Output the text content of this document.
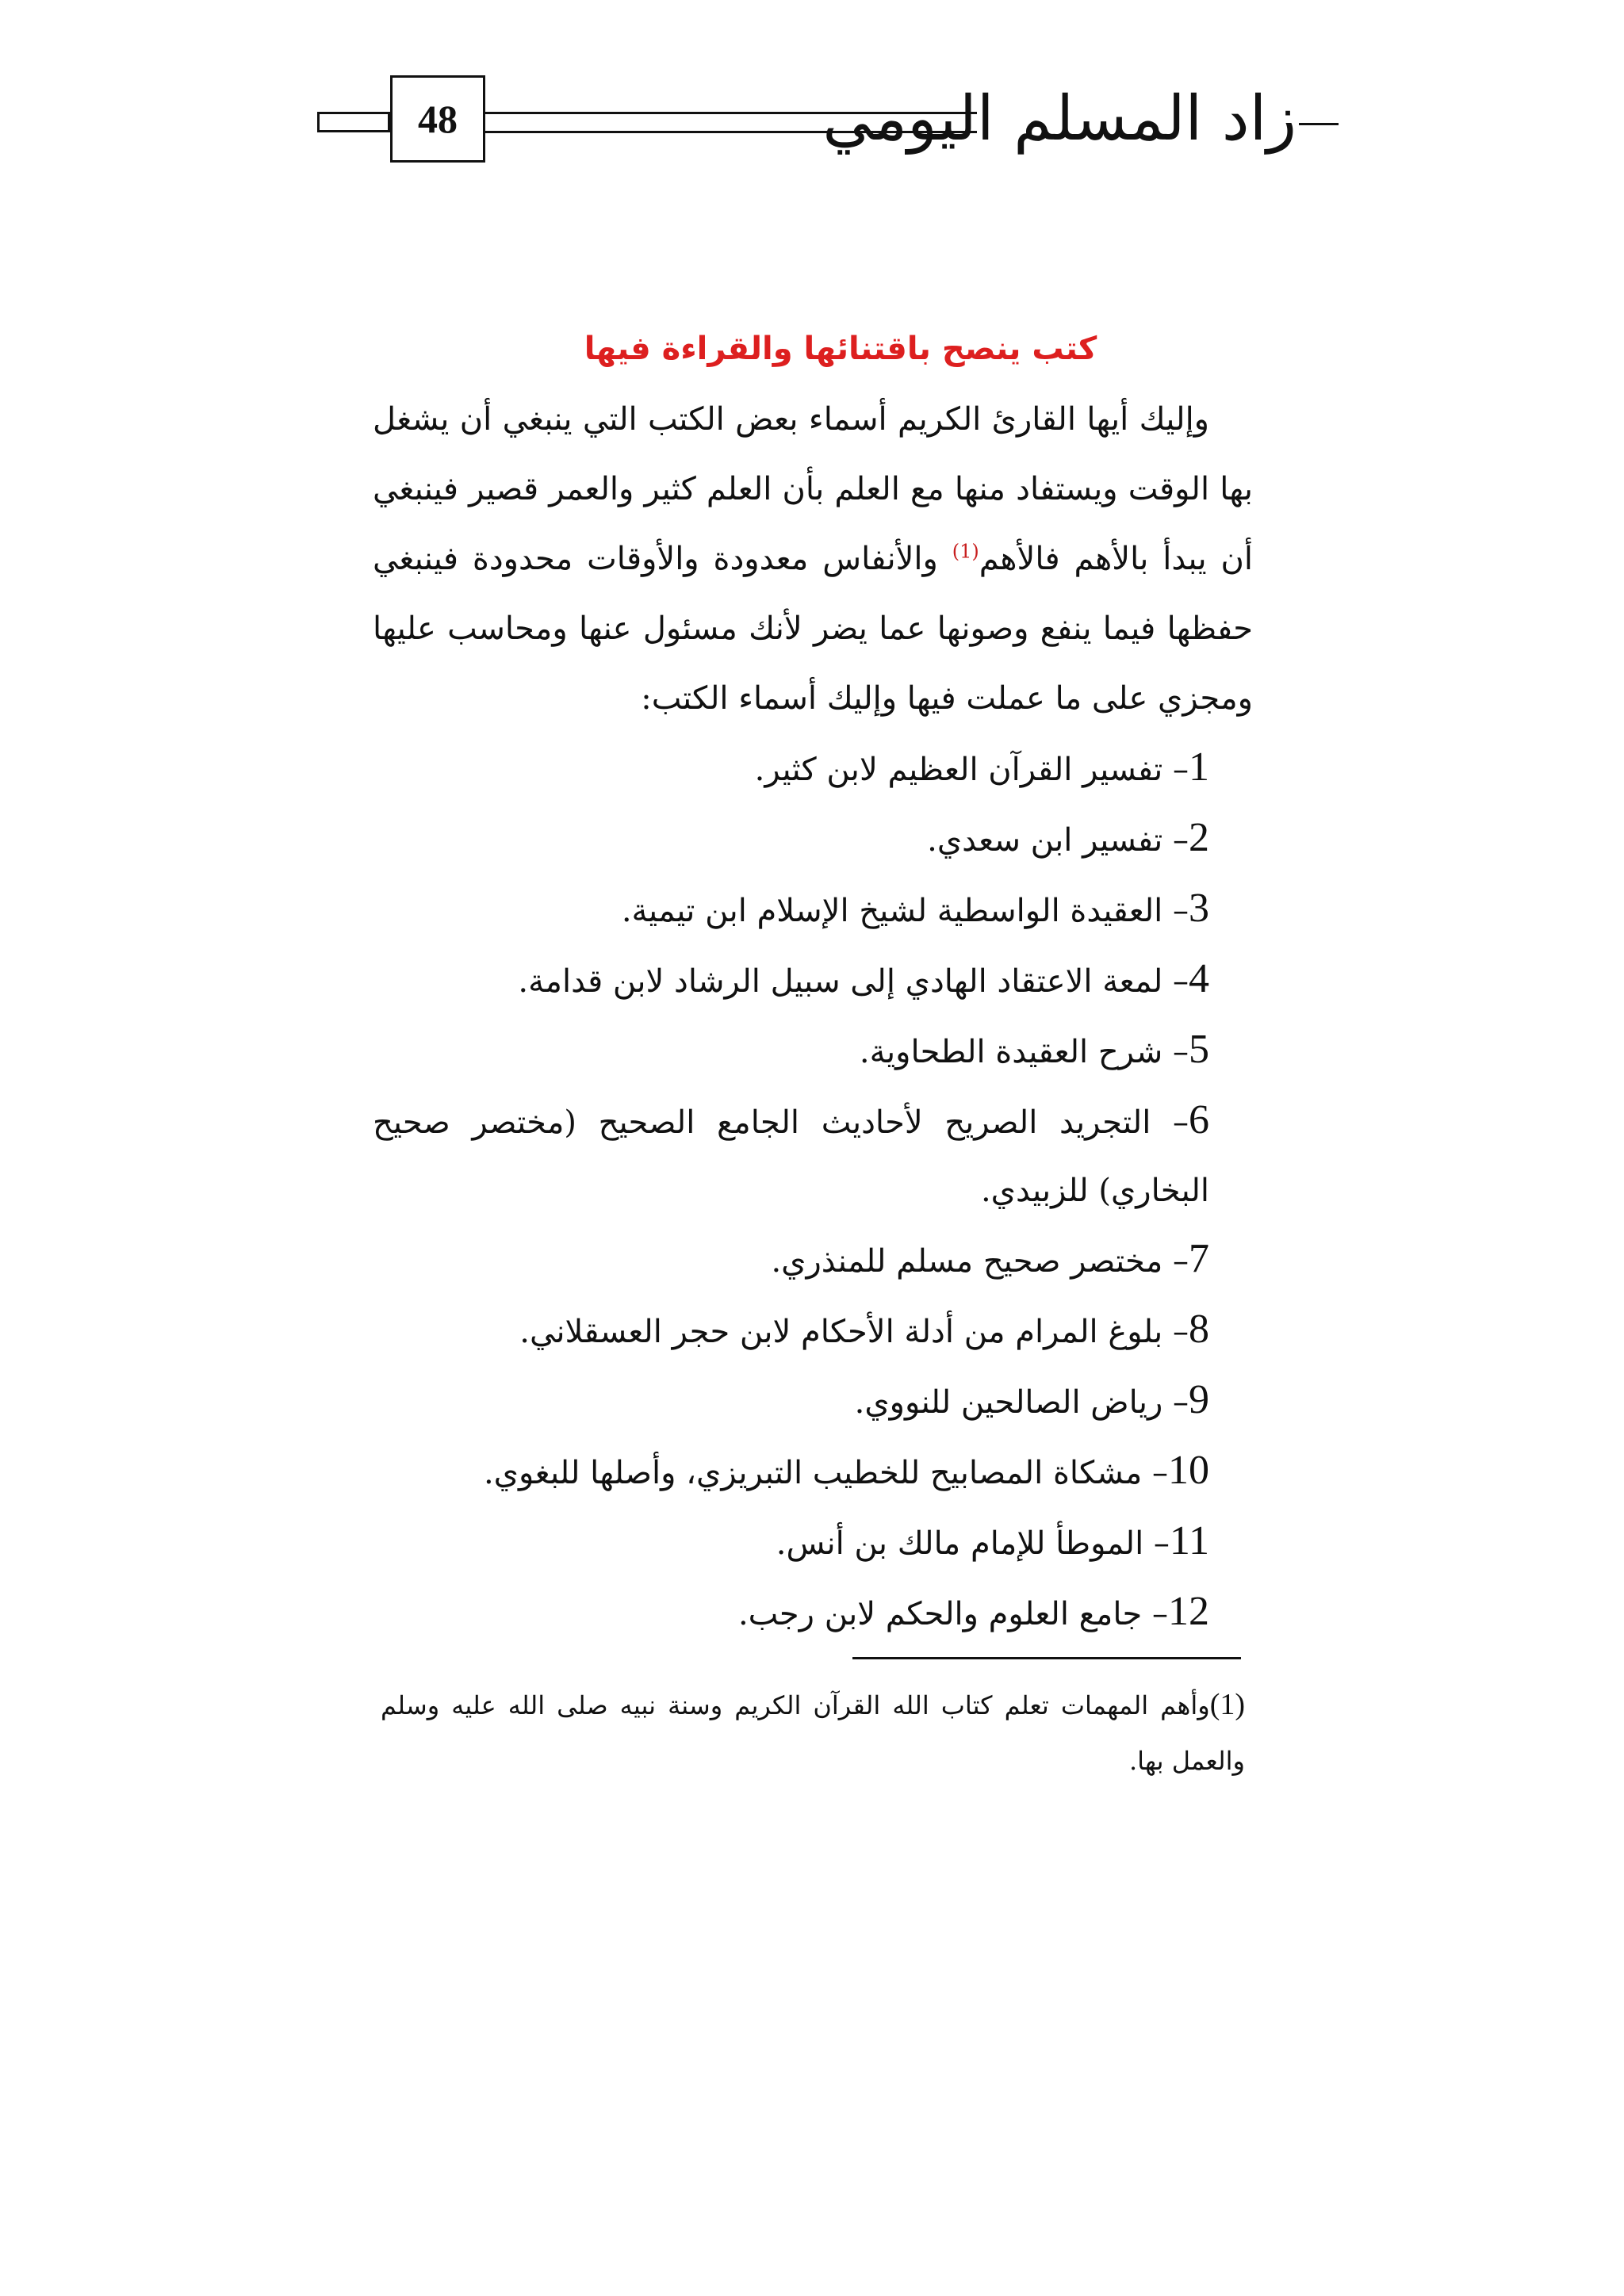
48	زاد المسلم اليومي
كتب ينصح باقتنائها والقراءة فيها

وإليك أيها القارئ الكريم أسماء بعض الكتب التي ينبغي أن يشغل بها الوقت ويستفاد منها مع العلم بأن العلم كثير والعمر قصير فينبغي أن يبدأ بالأهم فالأهم$^{(1)}$ والأنفاس معدودة والأوقات محدودة فينبغي حفظها فيما ينفع وصونها عما يضر لأنك مسئول عنها ومحاسب عليها ومجزي على ما عملت فيها وإليك أسماء الكتب:

1– تفسير القرآن العظيم لابن كثير.
2– تفسير ابن سعدي.
3– العقيدة الواسطية لشيخ الإسلام ابن تيمية.
4– لمعة الاعتقاد الهادي إلى سبيل الرشاد لابن قدامة.
5– شرح العقيدة الطحاوية.
6– التجريد الصريح لأحاديث الجامع الصحيح (مختصر صحيح البخاري) للزبيدي.
7– مختصر صحيح مسلم للمنذري.
8– بلوغ المرام من أدلة الأحكام لابن حجر العسقلاني.
9– رياض الصالحين للنووي.
10– مشكاة المصابيح للخطيب التبريزي، وأصلها للبغوي.
11– الموطأ للإمام مالك بن أنس.
12– جامع العلوم والحكم لابن رجب.
(1)وأهم المهمات تعلم كتاب الله القرآن الكريم وسنة نبيه صلى الله عليه وسلم والعمل بها.
